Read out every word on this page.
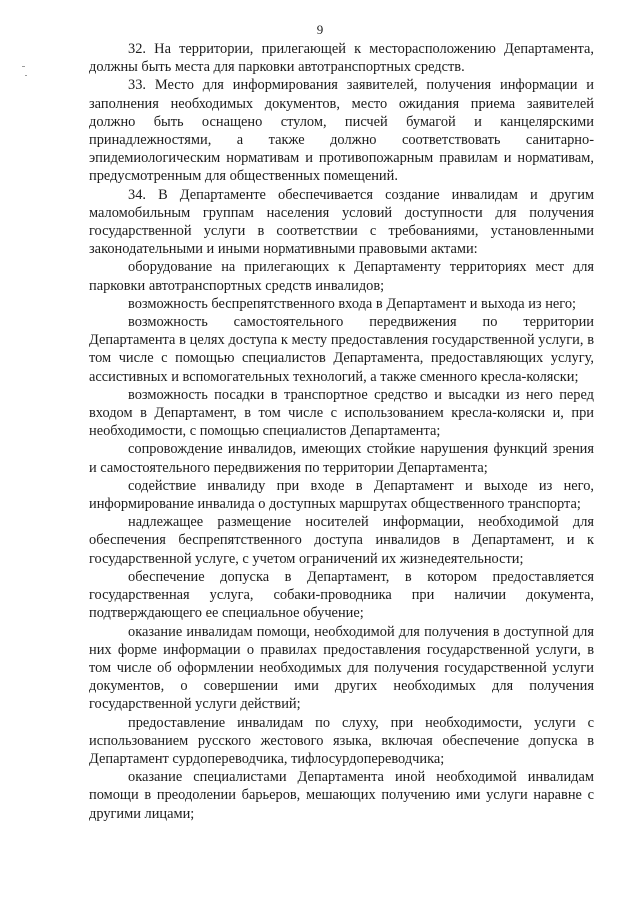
9

32. На территории, прилегающей к месторасположению Департамента, должны быть места для парковки автотранспортных средств.

33. Место для информирования заявителей, получения информации и заполнения необходимых документов, место ожидания приема заявителей должно быть оснащено стулом, писчей бумагой и канцелярскими принадлежностями, а также должно соответствовать санитарно-эпидемиологическим нормативам и противопожарным правилам и нормативам, предусмотренным для общественных помещений.

34. В Департаменте обеспечивается создание инвалидам и другим маломобильным группам населения условий доступности для получения государственной услуги в соответствии с требованиями, установленными законодательными и иными нормативными правовыми актами:

оборудование на прилегающих к Департаменту территориях мест для парковки автотранспортных средств инвалидов;

возможность беспрепятственного входа в Департамент и выхода из него;

возможность самостоятельного передвижения по территории Департамента в целях доступа к месту предоставления государственной услуги, в том числе с помощью специалистов Департамента, предоставляющих услугу, ассистивных и вспомогательных технологий, а также сменного кресла-коляски;

возможность посадки в транспортное средство и высадки из него перед входом в Департамент, в том числе с использованием кресла-коляски и, при необходимости, с помощью специалистов Департамента;

сопровождение инвалидов, имеющих стойкие нарушения функций зрения и самостоятельного передвижения по территории Департамента;

содействие инвалиду при входе в Департамент и выходе из него, информирование инвалида о доступных маршрутах общественного транспорта;

надлежащее размещение носителей информации, необходимой для обеспечения беспрепятственного доступа инвалидов в Департамент, и к государственной услуге, с учетом ограничений их жизнедеятельности;

обеспечение допуска в Департамент, в котором предоставляется государственная услуга, собаки-проводника при наличии документа, подтверждающего ее специальное обучение;

оказание инвалидам помощи, необходимой для получения в доступной для них форме информации о правилах предоставления государственной услуги, в том числе об оформлении необходимых для получения государственной услуги документов, о совершении ими других необходимых для получения государственной услуги действий;

предоставление инвалидам по слуху, при необходимости, услуги с использованием русского жестового языка, включая обеспечение допуска в Департамент сурдопереводчика, тифлосурдопереводчика;

оказание специалистами Департамента иной необходимой инвалидам помощи в преодолении барьеров, мешающих получению ими услуги наравне с другими лицами;
